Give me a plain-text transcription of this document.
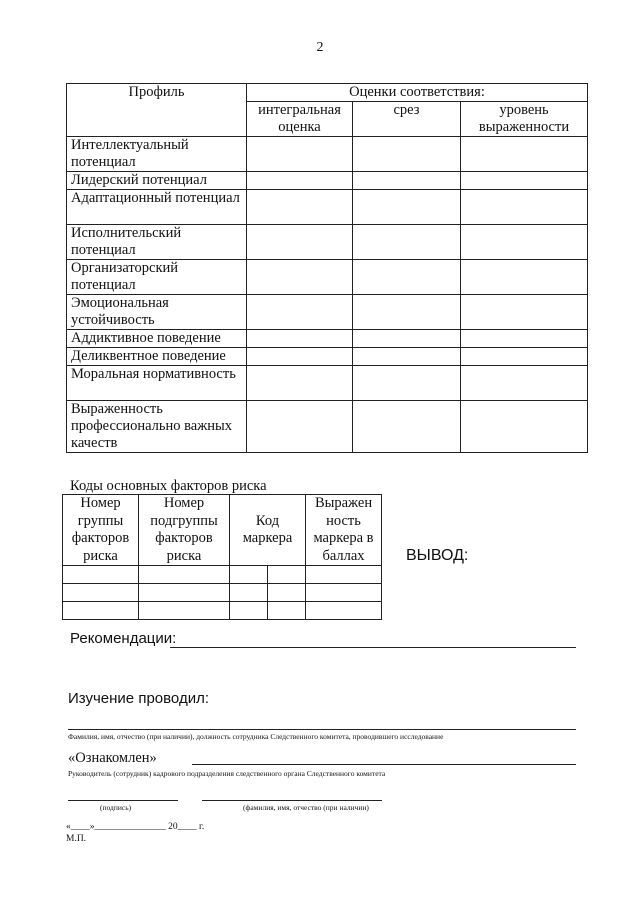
2
Профиль	Оценки соответствия:		
	интегральная оценка	срез	уровень выраженности
Интеллектуальный потенциал			
Лидерский потенциал			
Адаптационный потенциал			
Исполнительский потенциал			
Организаторский потенциал			
Эмоциональная устойчивость			
Аддиктивное поведение			
Деликвентное поведение			
Моральная нормативность			
Выраженность профессионально важных качеств			
Коды основных факторов риска
Номер группы факторов риска	Номер подгруппы факторов риска	Код маркера		Выражен ность маркера в баллах

					ВЫВОД:
Рекомендации:
Изучение проводил:
Фамилия, имя, отчество (при наличии), должность сотрудника Следственного комитета, проводившего исследование
«Ознакомлен»
Руководитель (сотрудник) кадрового подразделения следственного органа Следственного комитета
(подпись)	(фамилия, имя, отчество (при наличии)
«____»_______________ 20____ г.
М.П.
